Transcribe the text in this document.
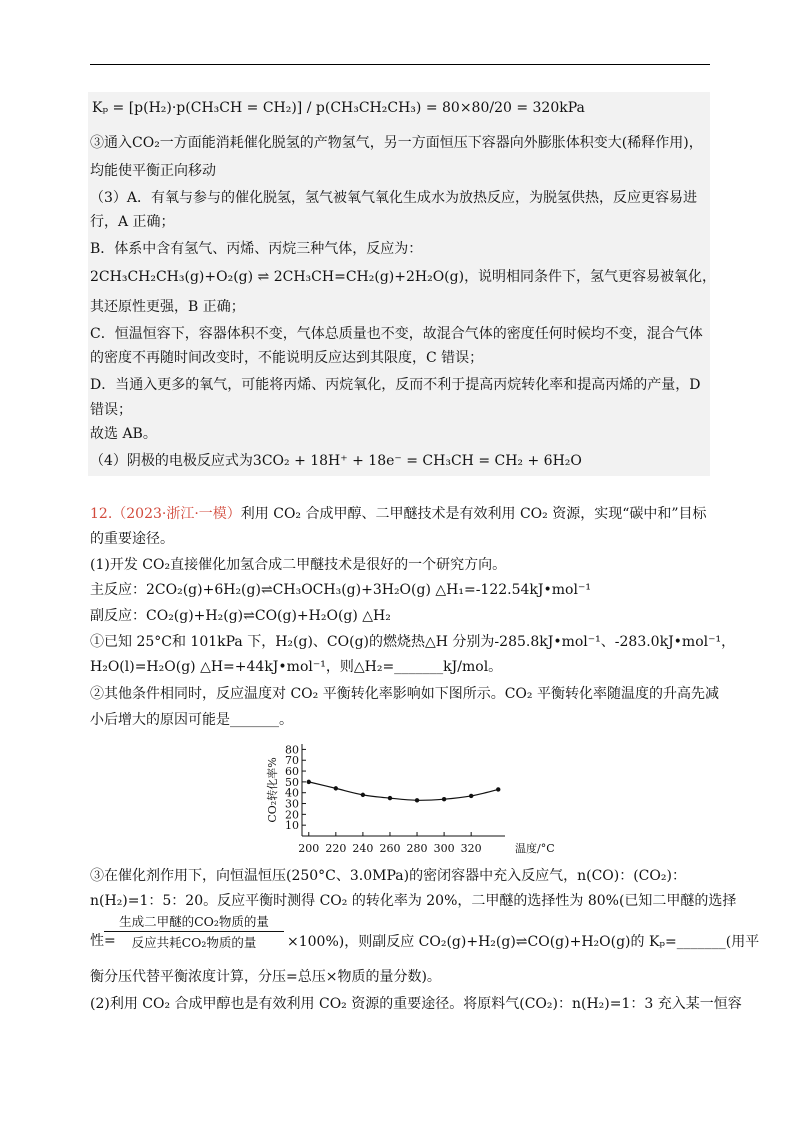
Kₚ = [p(H₂)·p(CH₃CH = CH₂)] / p(CH₃CH₂CH₃) = 80×80/20 = 320kPa
③通入CO₂一方面能消耗催化脱氢的产物氢气，另一方面恒压下容器向外膨胀体积变大(稀释作用)，
均能使平衡正向移动
（3）A．有氧与参与的催化脱氢，氢气被氧气氧化生成水为放热反应，为脱氢供热，反应更容易进
行，A 正确；
B．体系中含有氢气、丙烯、丙烷三种气体，反应为：
2CH₃CH₂CH₃(g)+O₂(g) ⇌ 2CH₃CH=CH₂(g)+2H₂O(g)，说明相同条件下，氢气更容易被氧化，
其还原性更强，B 正确；
C．恒温恒容下，容器体积不变，气体总质量也不变，故混合气体的密度任何时候均不变，混合气体
的密度不再随时间改变时，不能说明反应达到其限度，C 错误；
D．当通入更多的氧气，可能将丙烯、丙烷氧化，反而不利于提高丙烷转化率和提高丙烯的产量，D
错误；
故选 AB。
（4）阴极的电极反应式为3CO₂ + 18H⁺ + 18e⁻ = CH₃CH = CH₂ + 6H₂O
12.（2023·浙江·一模）利用 CO₂ 合成甲醇、二甲醚技术是有效利用 CO₂ 资源，实现“碳中和”目标
的重要途径。
(1)开发 CO₂直接催化加氢合成二甲醚技术是很好的一个研究方向。
主反应：2CO₂(g)+6H₂(g)⇌CH₃OCH₃(g)+3H₂O(g) △H₁=-122.54kJ•mol⁻¹
副反应：CO₂(g)+H₂(g)⇌CO(g)+H₂O(g) △H₂
①已知 25°C和 101kPa 下，H₂(g)、CO(g)的燃烧热△H 分别为-285.8kJ•mol⁻¹、-283.0kJ•mol⁻¹，
H₂O(l)=H₂O(g) △H=+44kJ•mol⁻¹，则△H₂=_______kJ/mol。
②其他条件相同时，反应温度对 CO₂ 平衡转化率影响如下图所示。CO₂ 平衡转化率随温度的升高先减
小后增大的原因可能是_______。
10
20
30
40
50
60
70
80
200 220 240 260 280 300 320	温度/°C
CO₂转化率%
③在催化剂作用下，向恒温恒压(250°C、3.0MPa)的密闭容器中充入反应气，n(CO)：(CO₂)：
n(H₂)=1：5：20。反应平衡时测得 CO₂ 的转化率为 20%，二甲醚的选择性为 80%(已知二甲醚的选择
性=
生成二甲醚的CO₂物质的量
反应共耗CO₂物质的量	×100%)，则副反应 CO₂(g)+H₂(g)⇌CO(g)+H₂O(g)的 Kₚ=_______(用平
衡分压代替平衡浓度计算，分压=总压×物质的量分数)。
(2)利用 CO₂ 合成甲醇也是有效利用 CO₂ 资源的重要途径。将原料气(CO₂)：n(H₂)=1：3 充入某一恒容
